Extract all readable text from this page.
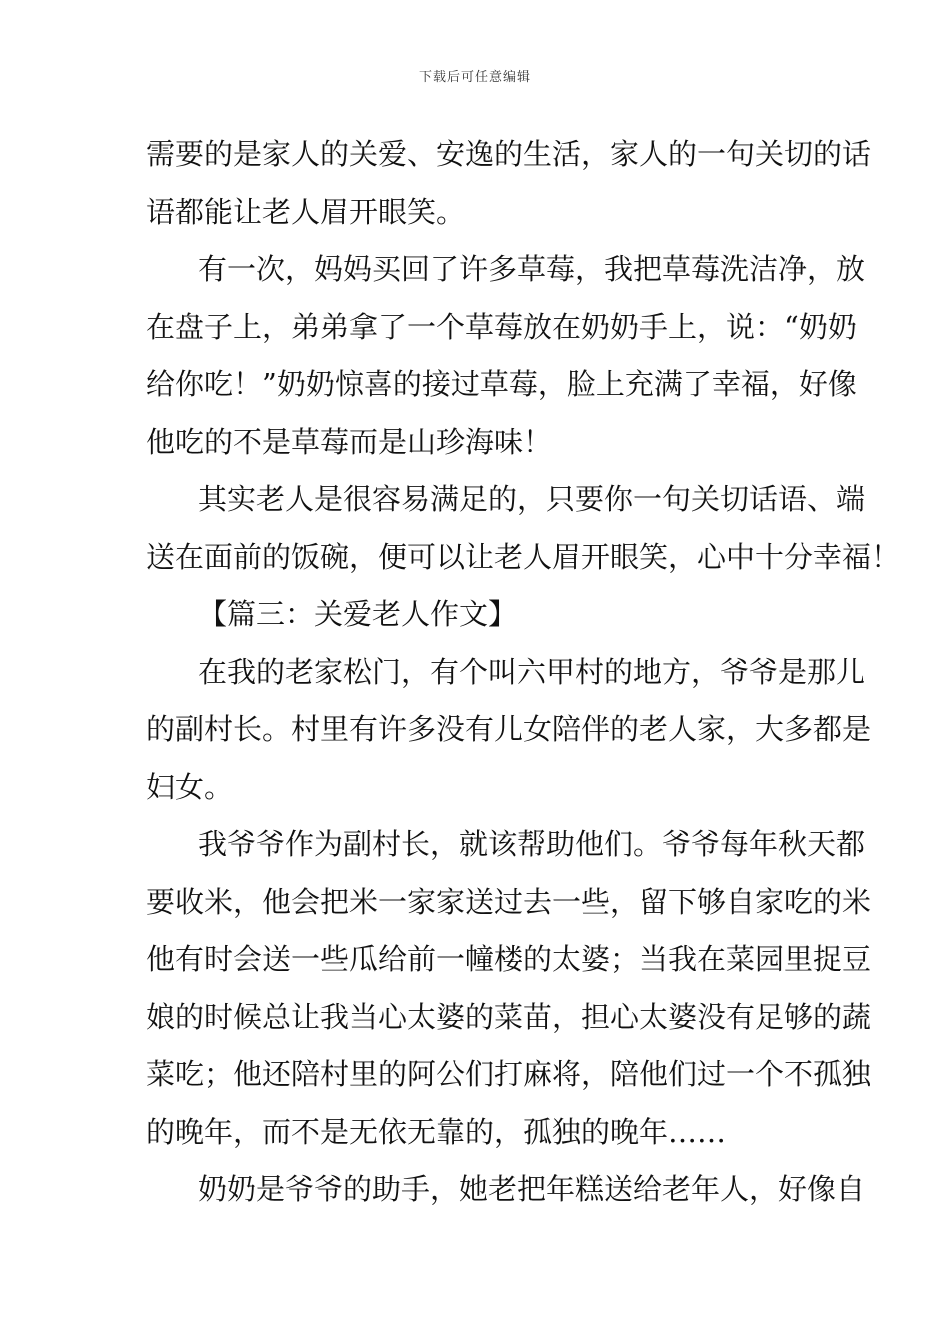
下载后可任意编辑
需要的是家人的关爱、安逸的生活，家人的一句关切的话
语都能让老人眉开眼笑。
有一次，妈妈买回了许多草莓，我把草莓洗洁净，放
在盘子上，弟弟拿了一个草莓放在奶奶手上，说：“奶奶
给你吃！”奶奶惊喜的接过草莓，脸上充满了幸福，好像
他吃的不是草莓而是山珍海味！
其实老人是很容易满足的，只要你一句关切话语、端
送在面前的饭碗，便可以让老人眉开眼笑，心中十分幸福！
【篇三：关爱老人作文】
在我的老家松门，有个叫六甲村的地方，爷爷是那儿
的副村长。村里有许多没有儿女陪伴的老人家，大多都是
妇女。
我爷爷作为副村长，就该帮助他们。爷爷每年秋天都
要收米，他会把米一家家送过去一些，留下够自家吃的米
他有时会送一些瓜给前一幢楼的太婆；当我在菜园里捉豆
娘的时候总让我当心太婆的菜苗，担心太婆没有足够的蔬
菜吃；他还陪村里的阿公们打麻将，陪他们过一个不孤独
的晚年，而不是无依无靠的，孤独的晚年……
奶奶是爷爷的助手，她老把年糕送给老年人，好像自
